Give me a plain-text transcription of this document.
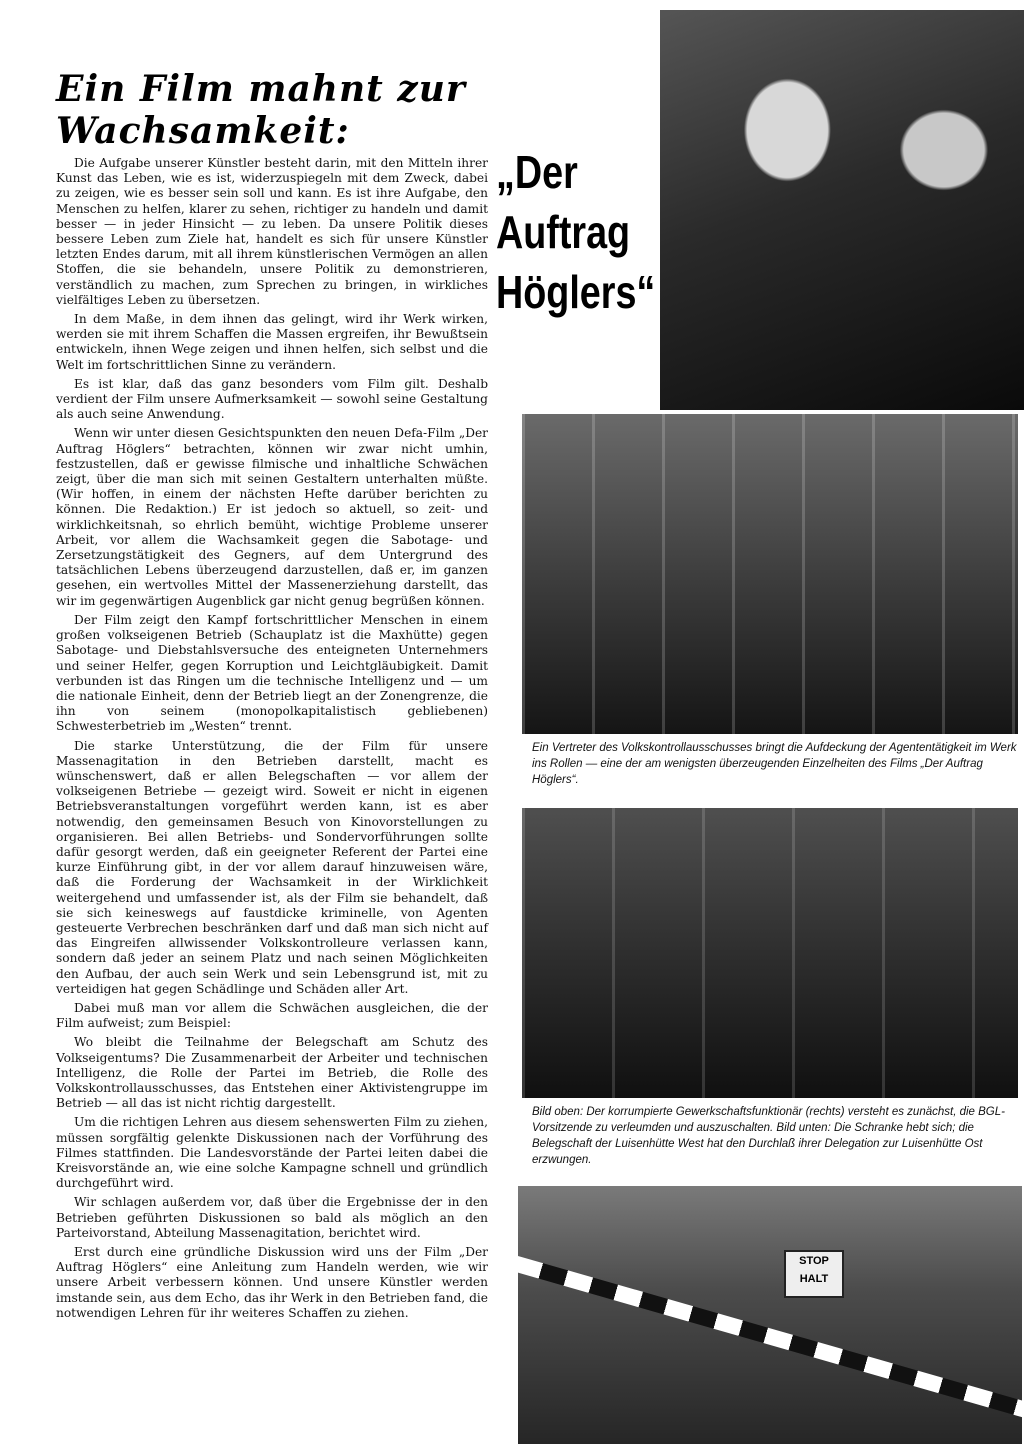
Ein Film mahnt zur Wachsamkeit:
„Der Auftrag
Höglers“

Die Aufgabe unserer Künstler besteht darin, mit den Mitteln ihrer Kunst das Leben, wie es ist, widerzuspiegeln mit dem Zweck, dabei zu zeigen, wie es besser sein soll und kann. Es ist ihre Aufgabe, den Menschen zu helfen, klarer zu sehen, richtiger zu handeln und damit besser — in jeder Hinsicht — zu leben. Da unsere Politik dieses bessere Leben zum Ziele hat, handelt es sich für unsere Künstler letzten Endes darum, mit all ihrem künstlerischen Vermögen an allen Stoffen, die sie behandeln, unsere Politik zu demonstrieren, verständlich zu machen, zum Sprechen zu bringen, in wirkliches vielfältiges Leben zu übersetzen.

In dem Maße, in dem ihnen das gelingt, wird ihr Werk wirken, werden sie mit ihrem Schaffen die Massen ergreifen, ihr Bewußtsein entwickeln, ihnen Wege zeigen und ihnen helfen, sich selbst und die Welt im fortschrittlichen Sinne zu verändern.

Es ist klar, daß das ganz besonders vom Film gilt. Deshalb verdient der Film unsere Aufmerksamkeit — sowohl seine Gestaltung als auch seine Anwendung.

Wenn wir unter diesen Gesichtspunkten den neuen Defa-Film „Der Auftrag Höglers“ betrachten, können wir zwar nicht umhin, festzustellen, daß er gewisse filmische und inhaltliche Schwächen zeigt, über die man sich mit seinen Gestaltern unterhalten müßte. (Wir hoffen, in einem der nächsten Hefte darüber berichten zu können. Die Redaktion.) Er ist jedoch so aktuell, so zeit- und wirklichkeitsnah, so ehrlich bemüht, wichtige Probleme unserer Arbeit, vor allem die Wachsamkeit gegen die Sabotage- und Zersetzungstätigkeit des Gegners, auf dem Untergrund des tatsächlichen Lebens überzeugend darzustellen, daß er, im ganzen gesehen, ein wertvolles Mittel der Massenerziehung darstellt, das wir im gegenwärtigen Augenblick gar nicht genug begrüßen können.

Der Film zeigt den Kampf fortschrittlicher Menschen in einem großen volkseigenen Betrieb (Schauplatz ist die Maxhütte) gegen Sabotage- und Diebstahlsversuche des enteigneten Unternehmers und seiner Helfer, gegen Korruption und Leichtgläubigkeit. Damit verbunden ist das Ringen um die technische Intelligenz und — um die nationale Einheit, denn der Betrieb liegt an der Zonengrenze, die ihn von seinem (monopolkapitalistisch gebliebenen) Schwesterbetrieb im „Westen“ trennt.

Die starke Unterstützung, die der Film für unsere Massenagitation in den Betrieben darstellt, macht es wünschenswert, daß er allen Belegschaften — vor allem der volkseigenen Betriebe — gezeigt wird. Soweit er nicht in eigenen Betriebsveranstaltungen vorgeführt werden kann, ist es aber notwendig, den gemeinsamen Besuch von Kinovorstellungen zu organisieren. Bei allen Betriebs- und Sondervorführungen sollte dafür gesorgt werden, daß ein geeigneter Referent der Partei eine kurze Einführung gibt, in der vor allem darauf hinzuweisen wäre, daß die Forderung der Wachsamkeit in der Wirklichkeit weitergehend und umfassender ist, als der Film sie behandelt, daß sie sich keineswegs auf faustdicke kriminelle, von Agenten gesteuerte Verbrechen beschränken darf und daß man sich nicht auf das Eingreifen allwissender Volkskontrolleure verlassen kann, sondern daß jeder an seinem Platz und nach seinen Möglichkeiten den Aufbau, der auch sein Werk und sein Lebensgrund ist, mit zu verteidigen hat gegen Schädlinge und Schäden aller Art.

Dabei muß man vor allem die Schwächen ausgleichen, die der Film aufweist; zum Beispiel:

Wo bleibt die Teilnahme der Belegschaft am Schutz des Volkseigentums? Die Zusammenarbeit der Arbeiter und technischen Intelligenz, die Rolle der Partei im Betrieb, die Rolle des Volkskontrollausschusses, das Entstehen einer Aktivistengruppe im Betrieb — all das ist nicht richtig dargestellt.

Um die richtigen Lehren aus diesem sehenswerten Film zu ziehen, müssen sorgfältig gelenkte Diskussionen nach der Vorführung des Filmes stattfinden. Die Landesvorstände der Partei leiten dabei die Kreisvorstände an, wie eine solche Kampagne schnell und gründlich durchgeführt wird.

Wir schlagen außerdem vor, daß über die Ergebnisse der in den Betrieben geführten Diskussionen so bald als möglich an den Parteivorstand, Abteilung Massenagitation, berichtet wird.

Erst durch eine gründliche Diskussion wird uns der Film „Der Auftrag Höglers“ eine Anleitung zum Handeln werden, wie wir unsere Arbeit verbessern können. Und unsere Künstler werden imstande sein, aus dem Echo, das ihr Werk in den Betrieben fand, die notwendigen Lehren für ihr weiteres Schaffen zu ziehen.

Ein Vertreter des Volkskontrollausschusses bringt die Aufdeckung der Agententätigkeit im Werk ins Rollen — eine der am wenigsten überzeugenden Einzelheiten des Films „Der Auftrag Höglers“.
Bild oben: Der korrumpierte Gewerkschaftsfunktionär (rechts) versteht es zunächst, die BGL-Vorsitzende zu verleumden und auszuschalten. Bild unten: Die Schranke hebt sich; die Belegschaft der Luisenhütte West hat den Durchlaß ihrer Delegation zur Luisenhütte Ost erzwungen.
STOP
HALT
